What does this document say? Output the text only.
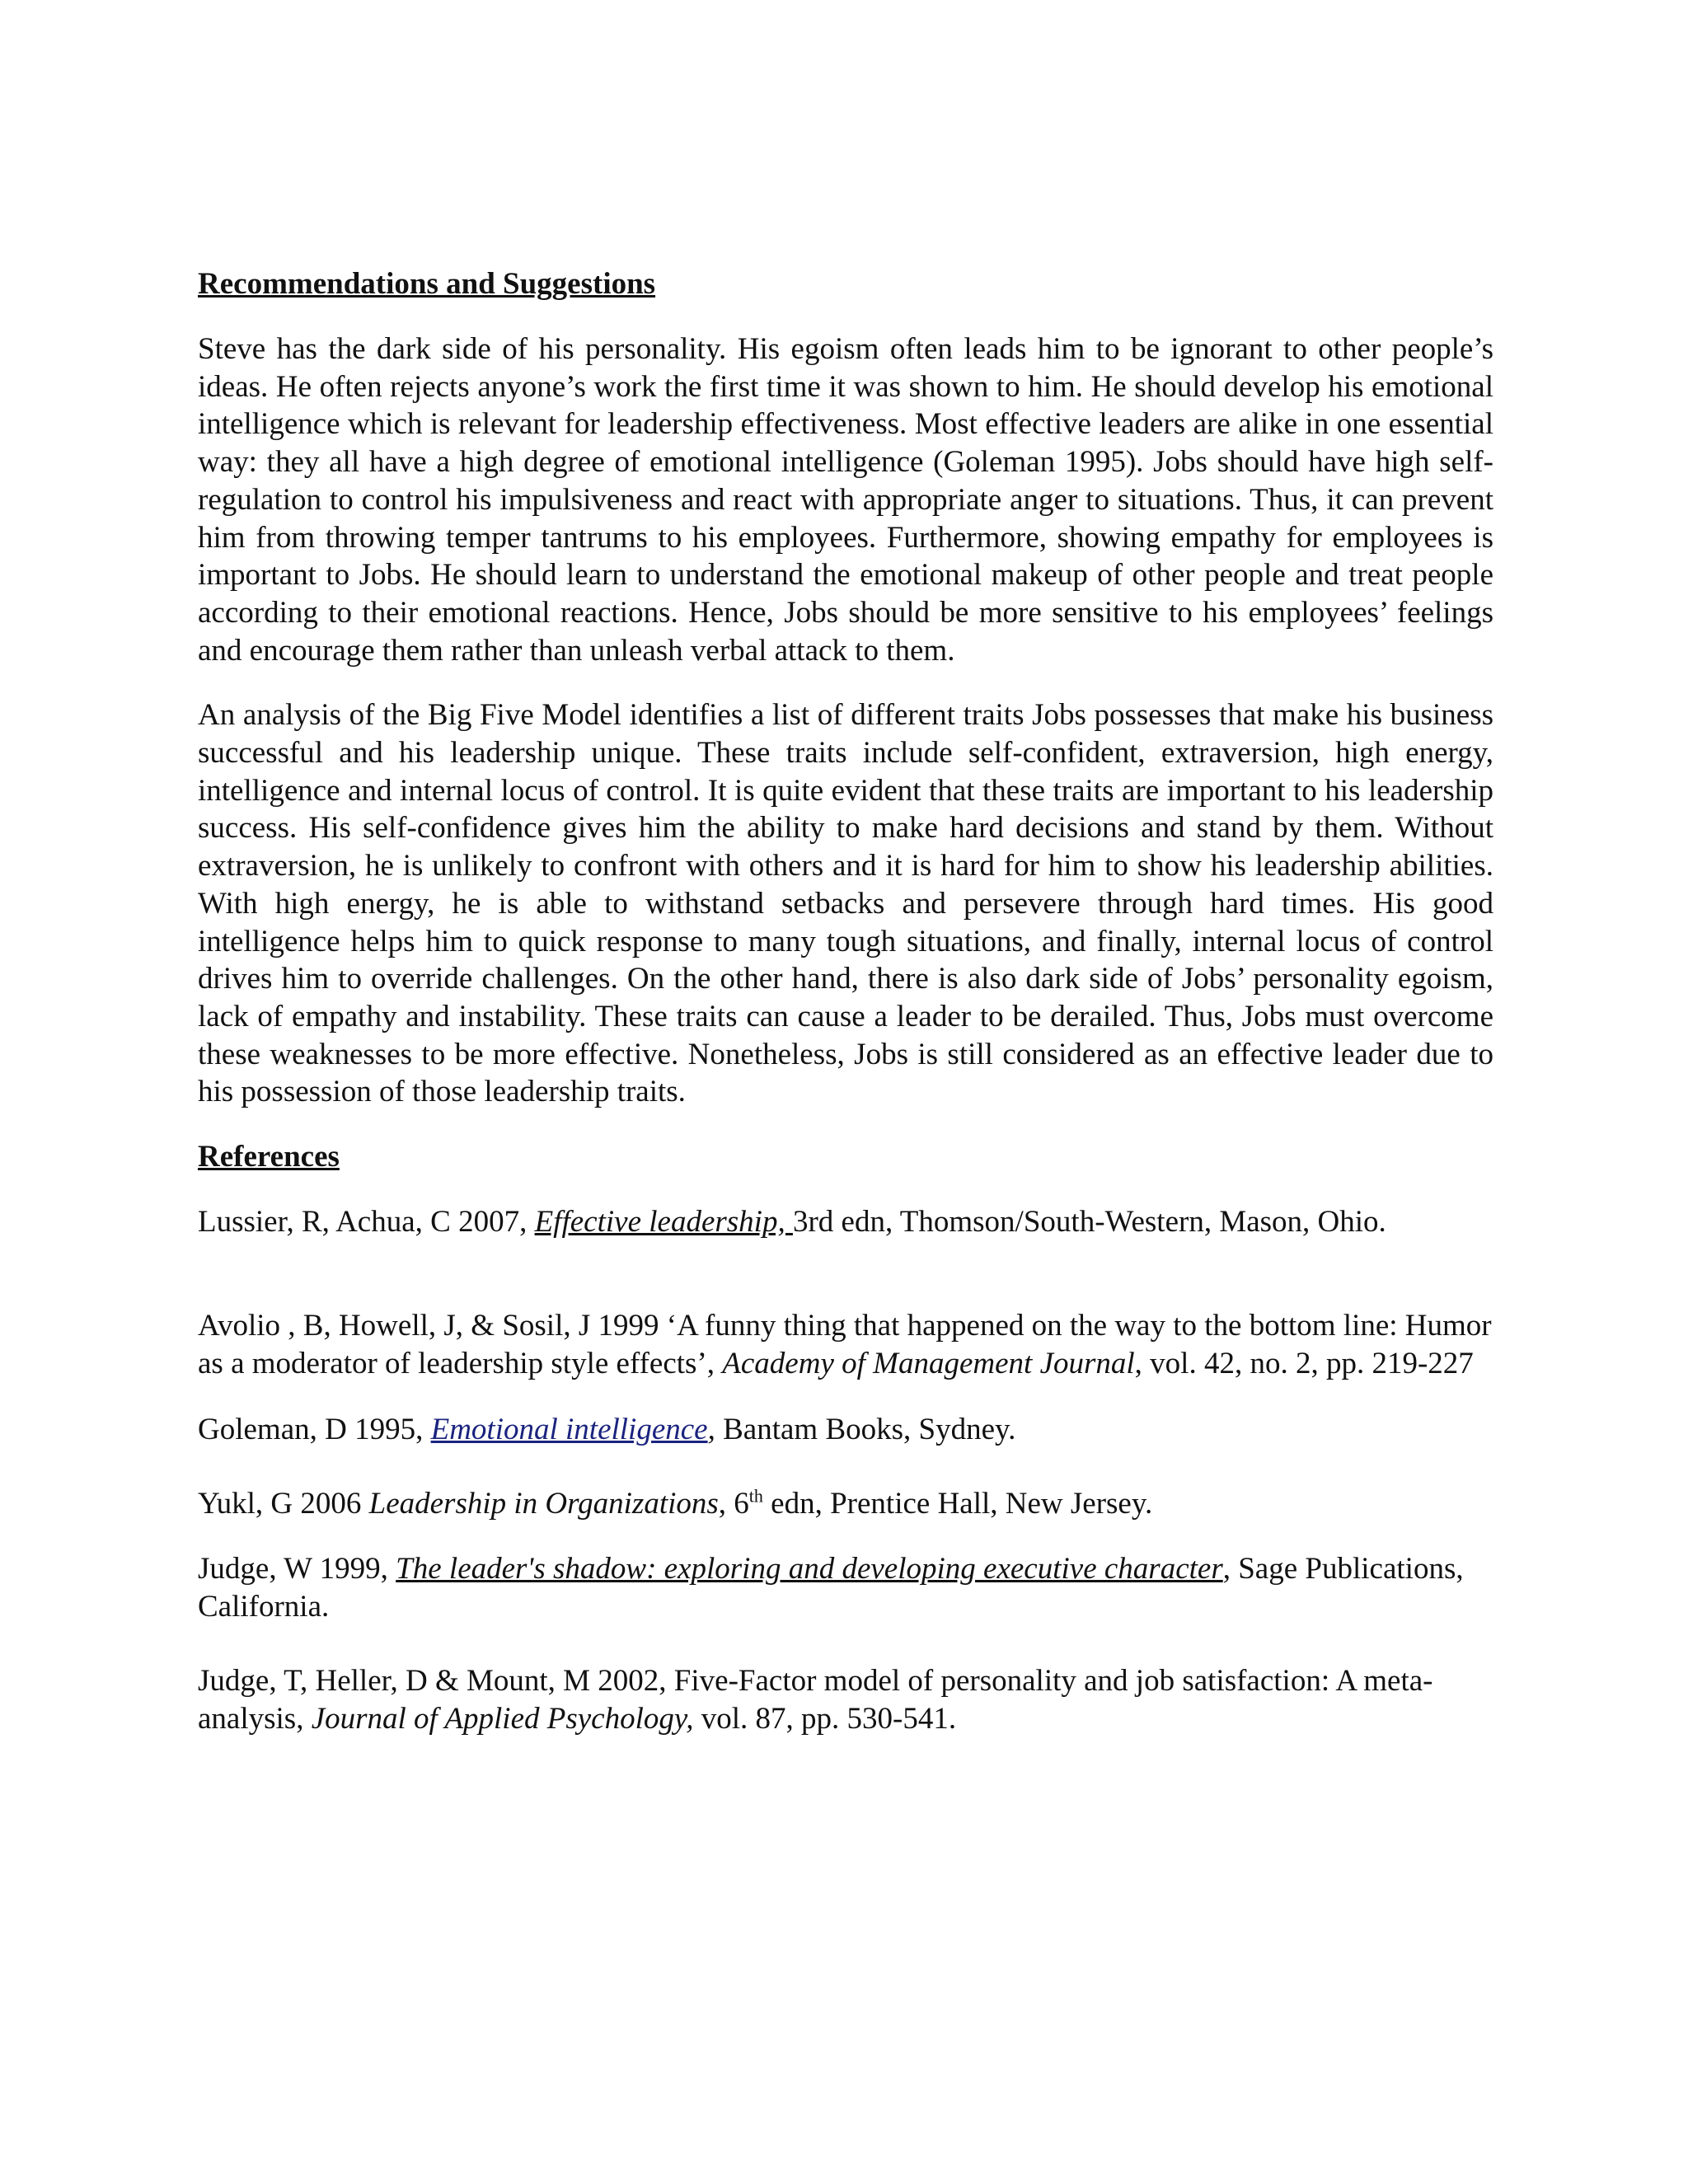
Recommendations and Suggestions

Steve has the dark side of his personality. His egoism often leads him to be ignorant to other people’s ideas. He often rejects anyone’s work the first time it was shown to him. He should develop his emotional intelligence which is relevant for leadership effectiveness. Most effective leaders are alike in one essential way: they all have a high degree of emotional intelligence (Goleman 1995). Jobs should have high self-regulation to control his impulsiveness and react with appropriate anger to situations. Thus, it can prevent him from throwing temper tantrums to his employees. Furthermore, showing empathy for employees is important to Jobs. He should learn to understand the emotional makeup of other people and treat people according to their emotional reactions. Hence, Jobs should be more sensitive to his employees’ feelings and encourage them rather than unleash verbal attack to them.

An analysis of the Big Five Model identifies a list of different traits Jobs possesses that make his business successful and his leadership unique. These traits include self-confident, extraversion, high energy, intelligence and internal locus of control. It is quite evident that these traits are important to his leadership success. His self-confidence gives him the ability to make hard decisions and stand by them. Without extraversion, he is unlikely to confront with others and it is hard for him to show his leadership abilities. With high energy, he is able to withstand setbacks and persevere through hard times. His good intelligence helps him to quick response to many tough situations, and finally, internal locus of control drives him to override challenges. On the other hand, there is also dark side of Jobs’ personality egoism, lack of empathy and instability. These traits can cause a leader to be derailed. Thus, Jobs must overcome these weaknesses to be more effective. Nonetheless, Jobs is still considered as an effective leader due to his possession of those leadership traits.

References

Lussier, R, Achua, C 2007, Effective leadership, 3rd edn, Thomson/South-Western, Mason, Ohio.

Avolio , B, Howell, J, & Sosil, J 1999 ‘A funny thing that happened on the way to the bottom line: Humor as a moderator of leadership style effects’, Academy of Management Journal, vol. 42, no. 2, pp. 219-227

Goleman, D 1995, Emotional intelligence, Bantam Books, Sydney.

Yukl, G 2006 Leadership in Organizations, 6th edn, Prentice Hall, New Jersey.

Judge, W 1999, The leader's shadow: exploring and developing executive character, Sage Publications, California.

Judge, T, Heller, D & Mount, M 2002, Five-Factor model of personality and job satisfaction: A meta-analysis, Journal of Applied Psychology, vol. 87, pp. 530-541.
